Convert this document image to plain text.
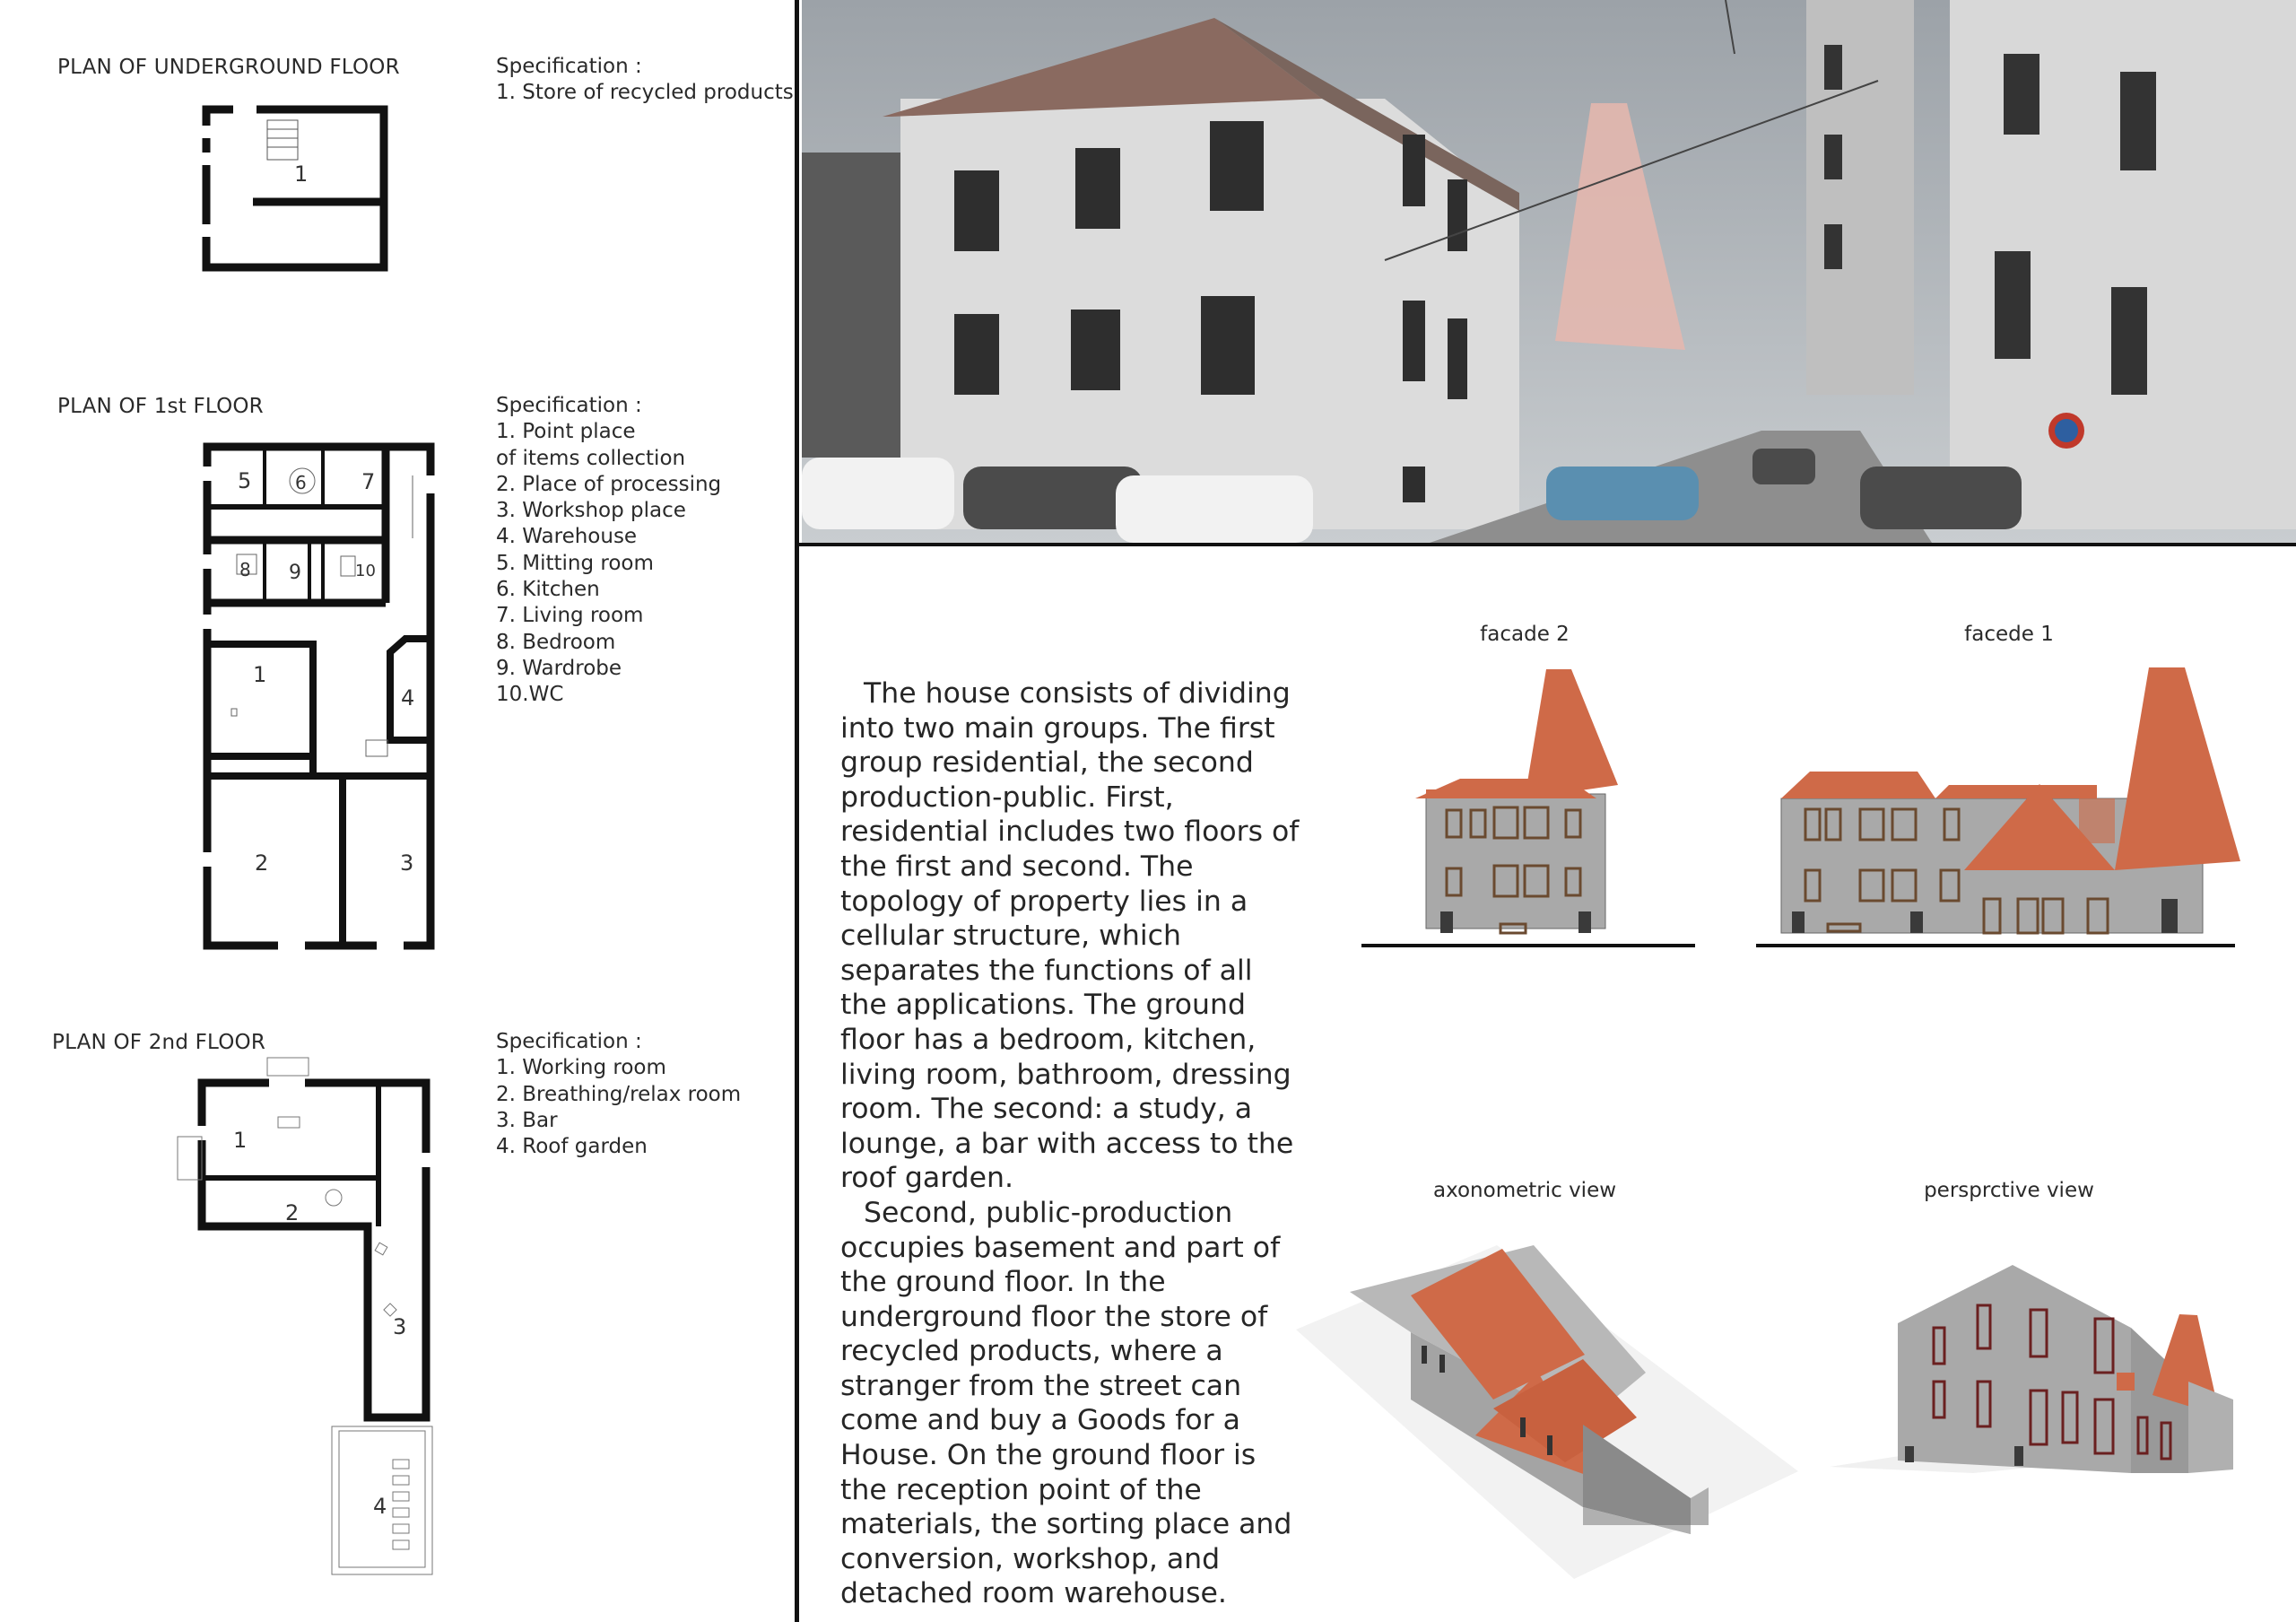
PLAN OF UNDERGROUND FLOOR	Specification :
1. Store of recycled products
1
PLAN OF 1st FLOOR	Specification :
1. Point place
of items collection
2. Place of processing
3. Workshop place
4. Warehouse
5. Mitting room
6. Kitchen
7. Living room
8. Bedroom
9. Wardrobe
10.WC
5 6	7
8 9	10
1
4
2	3
PLAN OF 2nd FLOOR	Specification :
1. Working room
2. Breathing/relax room
3. Bar
4. Roof garden
1
2
3
4

The house consists of dividing into two main groups. The first group residential, the second production-public. First, residential includes two floors of the first and second. The topology of property lies in a cellular structure, which separates the functions of all the applications. The ground floor has a bedroom, kitchen, living room, bathroom, dressing room. The second: a study, a lounge, a bar with access to the roof garden.

Second, public-production occupies basement and part of the ground floor. In the underground floor the store of recycled products, where a stranger from the street can come and buy a Goods for a House. On the ground floor is the reception point of the materials, the sorting place and conversion, workshop, and detached room warehouse.

facade 2	facede 1
axonometric view	persprctive view
